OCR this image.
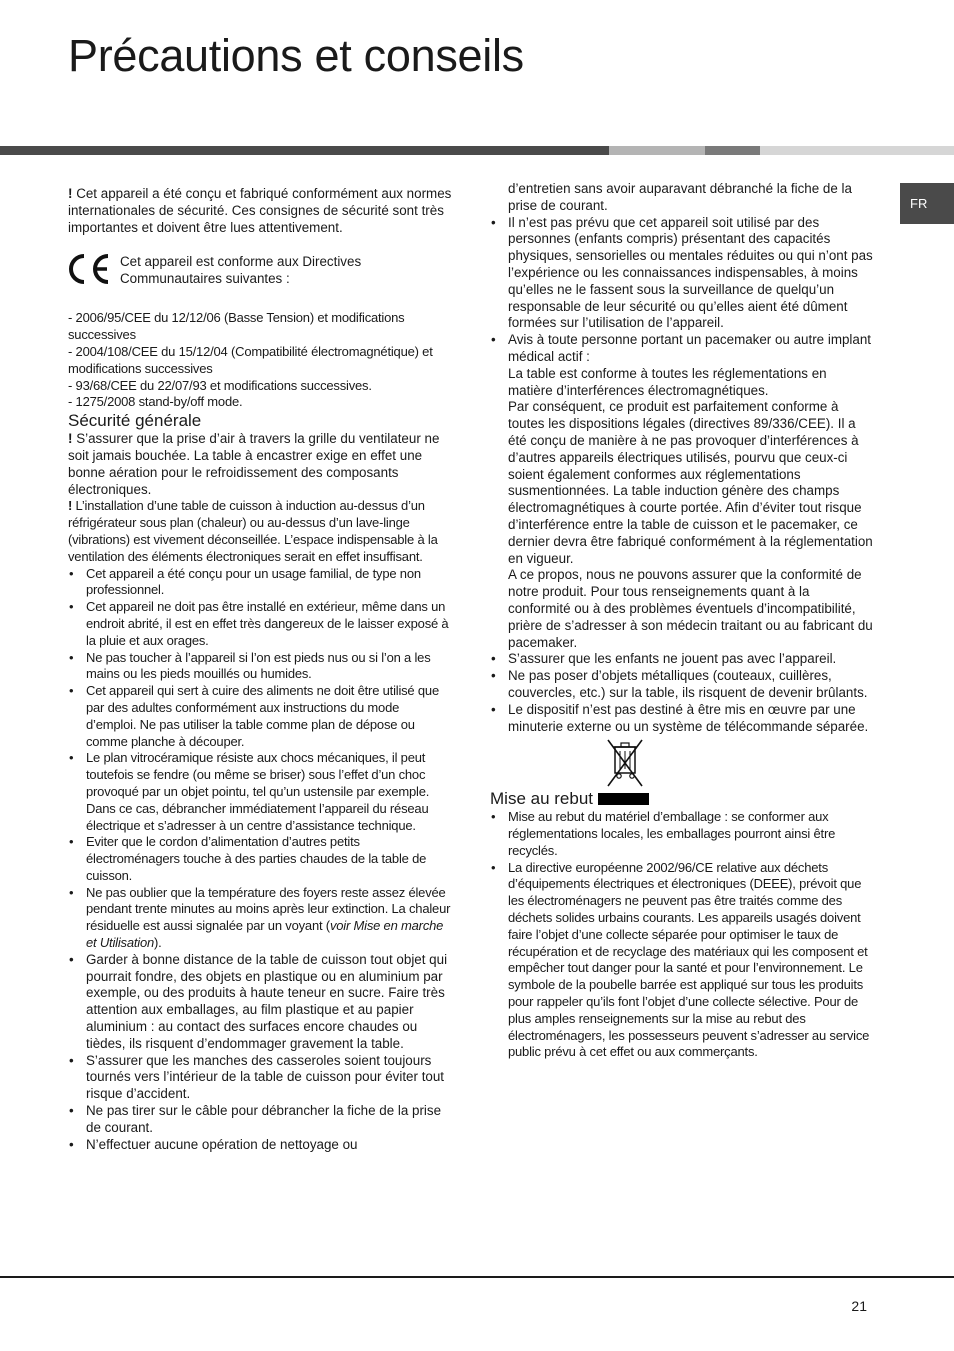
Précautions et conseils
FR

! Cet appareil a été conçu et fabriqué conformément aux normes internationales de sécurité. Ces consignes de sécurité sont très importantes et doivent être lues attentivement.

Cet appareil est conforme aux Directives
Communautaires suivantes :

- 2006/95/CEE du 12/12/06 (Basse Tension) et modifications successives

- 2004/108/CEE du 15/12/04 (Compatibilité électromagnétique) et modifications successives

- 93/68/CEE du 22/07/93 et modifications successives.

- 1275/2008 stand-by/off mode.

Sécurité générale

! S’assurer que la prise d’air à travers la grille du ventilateur ne soit jamais bouchée. La table à encastrer exige en effet une bonne aération pour le refroidissement des composants électroniques.

! L’installation d’une table de cuisson à induction au-dessus d’un réfrigérateur sous plan (chaleur) ou au-dessus d’un lave-linge (vibrations) est vivement déconseillée. L’espace indispensable à la ventilation des éléments électroniques serait en effet insuffisant.

• Cet appareil a été conçu pour un usage familial, de type non professionnel.
• Cet appareil ne doit pas être installé en extérieur, même dans un endroit abrité, il est en effet très dangereux de le laisser exposé à la pluie et aux orages.
• Ne pas toucher à l’appareil si l’on est pieds nus ou si l’on a les mains ou les pieds mouillés ou humides.
• Cet appareil qui sert à cuire des aliments ne doit être utilisé que par des adultes conformément aux instructions du mode d’emploi. Ne pas utiliser la table comme plan de dépose ou comme planche à découper.
• Le plan vitrocéramique résiste aux chocs mécaniques, il peut toutefois se fendre (ou même se briser) sous l’effet d’un choc provoqué par un objet pointu, tel qu’un ustensile par exemple. Dans ce cas, débrancher immédiatement l’appareil du réseau électrique et s’adresser à un centre d’assistance technique.
• Eviter que le cordon d’alimentation d’autres petits électroménagers touche à des parties chaudes de la table de cuisson.
• Ne pas oublier que la température des foyers reste assez élevée pendant trente minutes au moins après leur extinction. La chaleur résiduelle est aussi signalée par un voyant (voir Mise en marche et Utilisation).
• Garder à bonne distance de la table de cuisson tout objet qui pourrait fondre, des objets en plastique ou en aluminium par exemple, ou des produits à haute teneur en sucre. Faire très attention aux emballages, au film plastique et au papier aluminium : au contact des surfaces encore chaudes ou tièdes, ils risquent d’endommager gravement la table.
• S’assurer que les manches des casseroles soient toujours tournés vers l’intérieur de la table de cuisson pour éviter tout risque d’accident.
• Ne pas tirer sur le câble pour débrancher la fiche de la prise de courant.
• N’effectuer aucune opération de nettoyage ou

d’entretien sans avoir auparavant débranché la fiche de la prise de courant.

• Il n’est pas prévu que cet appareil soit utilisé par des personnes (enfants compris) présentant des capacités physiques, sensorielles ou mentales réduites ou qui n’ont pas l’expérience ou les connaissances indispensables, à moins qu’elles ne le fassent sous la surveillance de quelqu’un responsable de leur sécurité ou qu’elles aient été dûment formées sur l’utilisation de l’appareil.
• Avis à toute personne portant un pacemaker ou autre implant médical actif :

La table est conforme à toutes les réglementations en matière d’interférences électromagnétiques.

Par conséquent, ce produit est parfaitement conforme à toutes les dispositions légales (directives 89/336/CEE). Il a été conçu de manière à ne pas provoquer d’interférences à d’autres appareils électriques utilisés, pourvu que ceux-ci soient également conformes aux réglementations susmentionnées. La table induction génère des champs électromagnétiques à courte portée. Afin d’éviter tout risque d’interférence entre la table de cuisson et le pacemaker, ce dernier devra être fabriqué conformément à la réglementation en vigueur.

A ce propos, nous ne pouvons assurer que la conformité de notre produit. Pour tous renseignements quant à la conformité ou à des problèmes éventuels d’incompatibilité, prière de s’adresser à son médecin traitant ou au fabricant du pacemaker.

• S’assurer que les enfants ne jouent pas avec l’appareil.
• Ne pas poser d’objets métalliques (couteaux, cuillères, couvercles, etc.) sur la table, ils risquent de devenir brûlants.
• Le dispositif n’est pas destiné à être mis en œuvre par une minuterie externe ou un système de télécommande séparée.
Mise au rebut
• Mise au rebut du matériel d’emballage : se conformer aux réglementations locales, les emballages pourront ainsi être recyclés.
• La directive européenne 2002/96/CE relative aux déchets d’équipements électriques et électroniques (DEEE), prévoit que les électroménagers ne peuvent pas être traités comme des déchets solides urbains courants. Les appareils usagés doivent faire l’objet d’une collecte séparée pour optimiser le taux de récupération et de recyclage des matériaux qui les composent et empêcher tout danger pour la santé et pour l’environnement. Le symbole de la poubelle barrée est appliqué sur tous les produits pour rappeler qu’ils font l’objet d’une collecte sélective. Pour de plus amples renseignements sur la mise au rebut des électroménagers, les possesseurs peuvent s’adresser au service public prévu à cet effet ou aux commerçants.
21
